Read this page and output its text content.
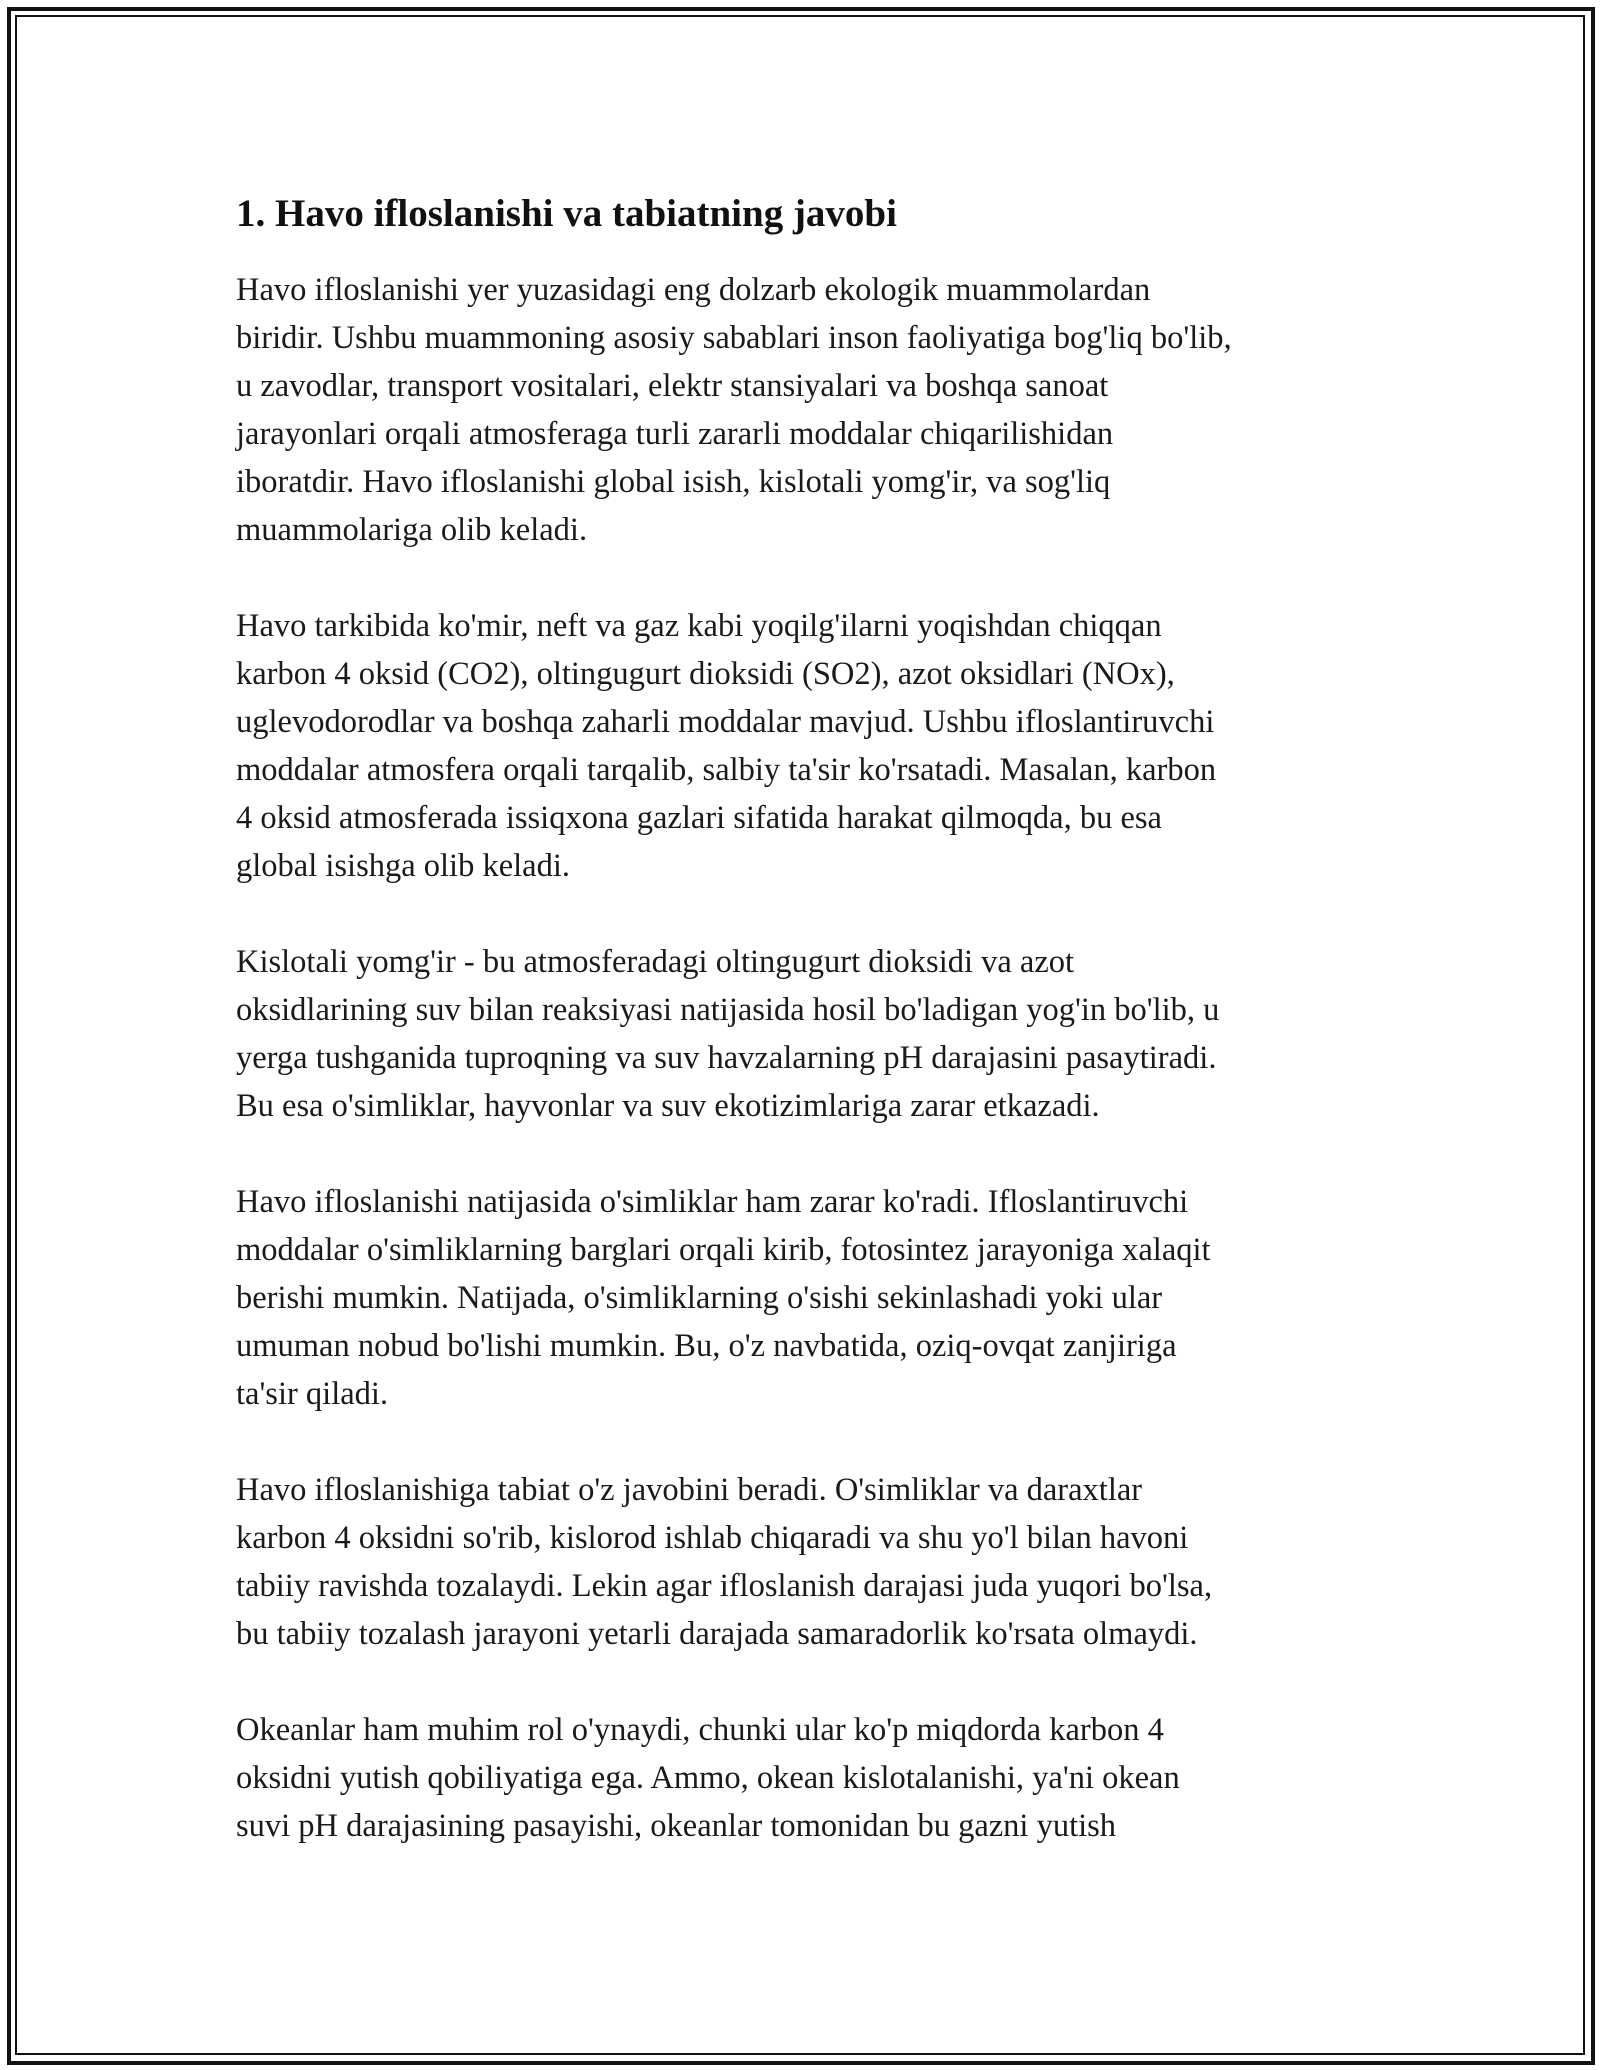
1. Havo ifloslanishi va tabiatning javobi

Havo ifloslanishi yer yuzasidagi eng dolzarb ekologik muammolardan
biridir. Ushbu muammoning asosiy sabablari inson faoliyatiga bog'liq bo'lib,
u zavodlar, transport vositalari, elektr stansiyalari va boshqa sanoat
jarayonlari orqali atmosferaga turli zararli moddalar chiqarilishidan
iboratdir. Havo ifloslanishi global isish, kislotali yomg'ir, va sog'liq
muammolariga olib keladi.

Havo tarkibida ko'mir, neft va gaz kabi yoqilg'ilarni yoqishdan chiqqan
karbon 4 oksid (CO2), oltingugurt dioksidi (SO2), azot oksidlari (NOx),
uglevodorodlar va boshqa zaharli moddalar mavjud. Ushbu ifloslantiruvchi
moddalar atmosfera orqali tarqalib, salbiy ta'sir ko'rsatadi. Masalan, karbon
4 oksid atmosferada issiqxona gazlari sifatida harakat qilmoqda, bu esa
global isishga olib keladi.

Kislotali yomg'ir - bu atmosferadagi oltingugurt dioksidi va azot
oksidlarining suv bilan reaksiyasi natijasida hosil bo'ladigan yog'in bo'lib, u
yerga tushganida tuproqning va suv havzalarning pH darajasini pasaytiradi.
Bu esa o'simliklar, hayvonlar va suv ekotizimlariga zarar etkazadi.

Havo ifloslanishi natijasida o'simliklar ham zarar ko'radi. Ifloslantiruvchi
moddalar o'simliklarning barglari orqali kirib, fotosintez jarayoniga xalaqit
berishi mumkin. Natijada, o'simliklarning o'sishi sekinlashadi yoki ular
umuman nobud bo'lishi mumkin. Bu, o'z navbatida, oziq-ovqat zanjiriga
ta'sir qiladi.

Havo ifloslanishiga tabiat o'z javobini beradi. O'simliklar va daraxtlar
karbon 4 oksidni so'rib, kislorod ishlab chiqaradi va shu yo'l bilan havoni
tabiiy ravishda tozalaydi. Lekin agar ifloslanish darajasi juda yuqori bo'lsa,
bu tabiiy tozalash jarayoni yetarli darajada samaradorlik ko'rsata olmaydi.

Okeanlar ham muhim rol o'ynaydi, chunki ular ko'p miqdorda karbon 4
oksidni yutish qobiliyatiga ega. Ammo, okean kislotalanishi, ya'ni okean
suvi pH darajasining pasayishi, okeanlar tomonidan bu gazni yutish
